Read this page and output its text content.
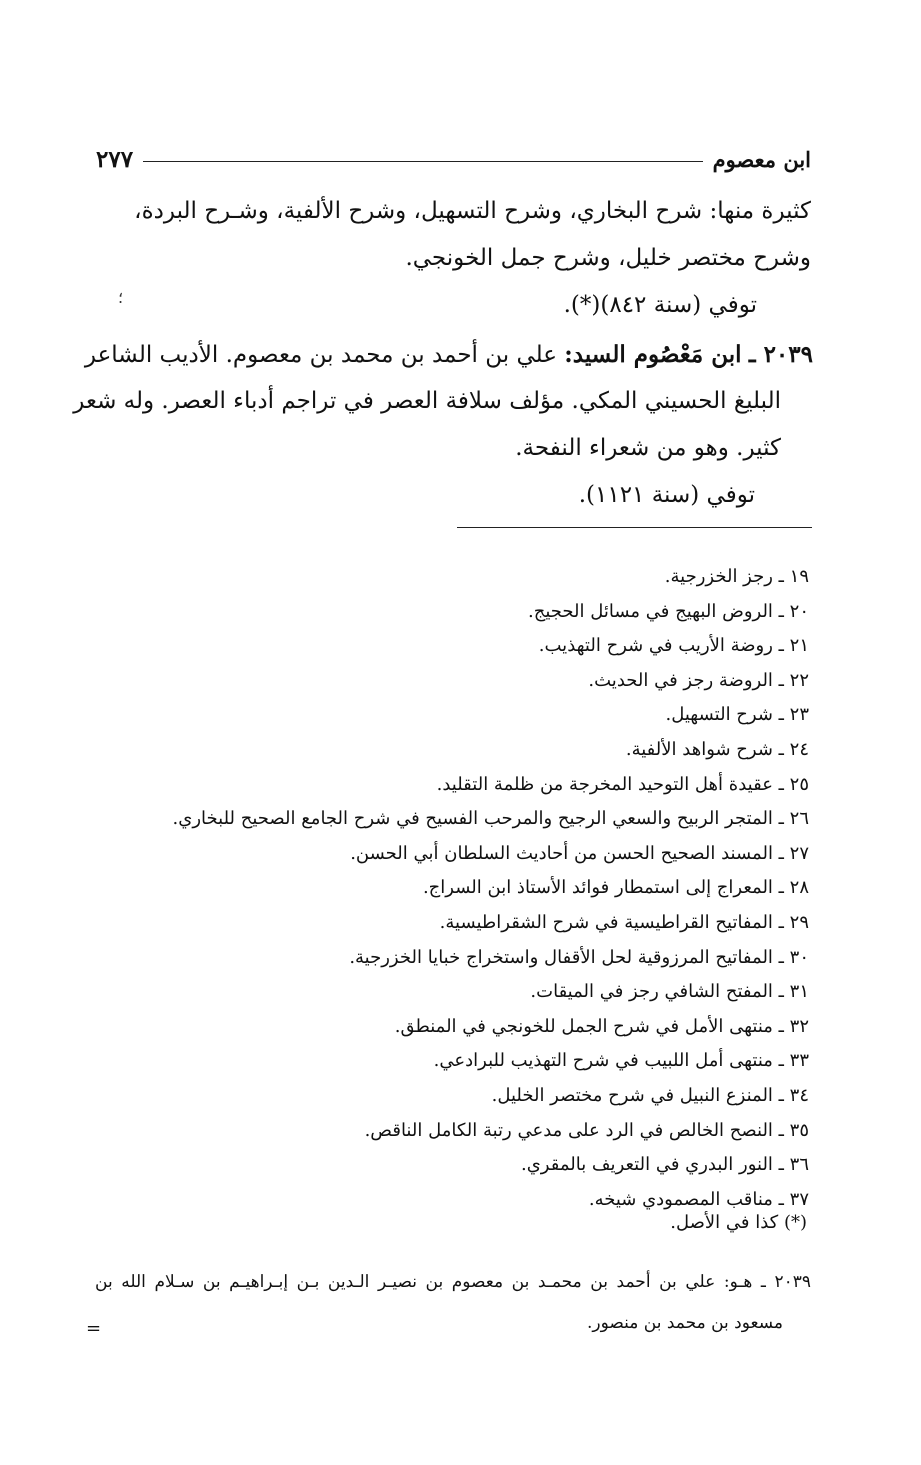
ابن معصوم
٢٧٧
كثيرة منها: شرح البخاري، وشرح التسهيل، وشرح الألفية، وشـرح البردة،
وشرح مختصر خليل، وشرح جمل الخونجي.
توفي (سنة ٨٤٢)(*).
؛
٢٠٣٩ ـ ابن مَعْصُوم السيد: علي بن أحمد بن محمد بن معصوم. الأديب الشاعر
البليغ الحسيني المكي. مؤلف سلافة العصر في تراجم أدباء العصر. وله شعر
كثير. وهو من شعراء النفحة.
توفي (سنة ١١٢١).
١٩ ـ رجز الخزرجية.
٢٠ ـ الروض البهيج في مسائل الحجيج.
٢١ ـ روضة الأريب في شرح التهذيب.
٢٢ ـ الروضة رجز في الحديث.
٢٣ ـ شرح التسهيل.
٢٤ ـ شرح شواهد الألفية.
٢٥ ـ عقيدة أهل التوحيد المخرجة من ظلمة التقليد.
٢٦ ـ المتجر الربيح والسعي الرجيح والمرحب الفسيح في شرح الجامع الصحيح للبخاري.
٢٧ ـ المسند الصحيح الحسن من أحاديث السلطان أبي الحسن.
٢٨ ـ المعراج إلى استمطار فوائد الأستاذ ابن السراج.
٢٩ ـ المفاتيح القراطيسية في شرح الشقراطيسية.
٣٠ ـ المفاتيح المرزوقية لحل الأقفال واستخراج خبايا الخزرجية.
٣١ ـ المفتح الشافي رجز في الميقات.
٣٢ ـ منتهى الأمل في شرح الجمل للخونجي في المنطق.
٣٣ ـ منتهى أمل اللبيب في شرح التهذيب للبرادعي.
٣٤ ـ المنزع النبيل في شرح مختصر الخليل.
٣٥ ـ النصح الخالص في الرد على مدعي رتبة الكامل الناقص.
٣٦ ـ النور البدري في التعريف بالمقري.
٣٧ ـ مناقب المصمودي شيخه.
(*) كذا في الأصل.
٢٠٣٩ ـ هـو: علي بن أحمد بن محمـد بن معصوم بن نصيـر الـدين بـن إبـراهيـم بن سـلام الله بن
مسعود بن محمد بن منصور.
=
